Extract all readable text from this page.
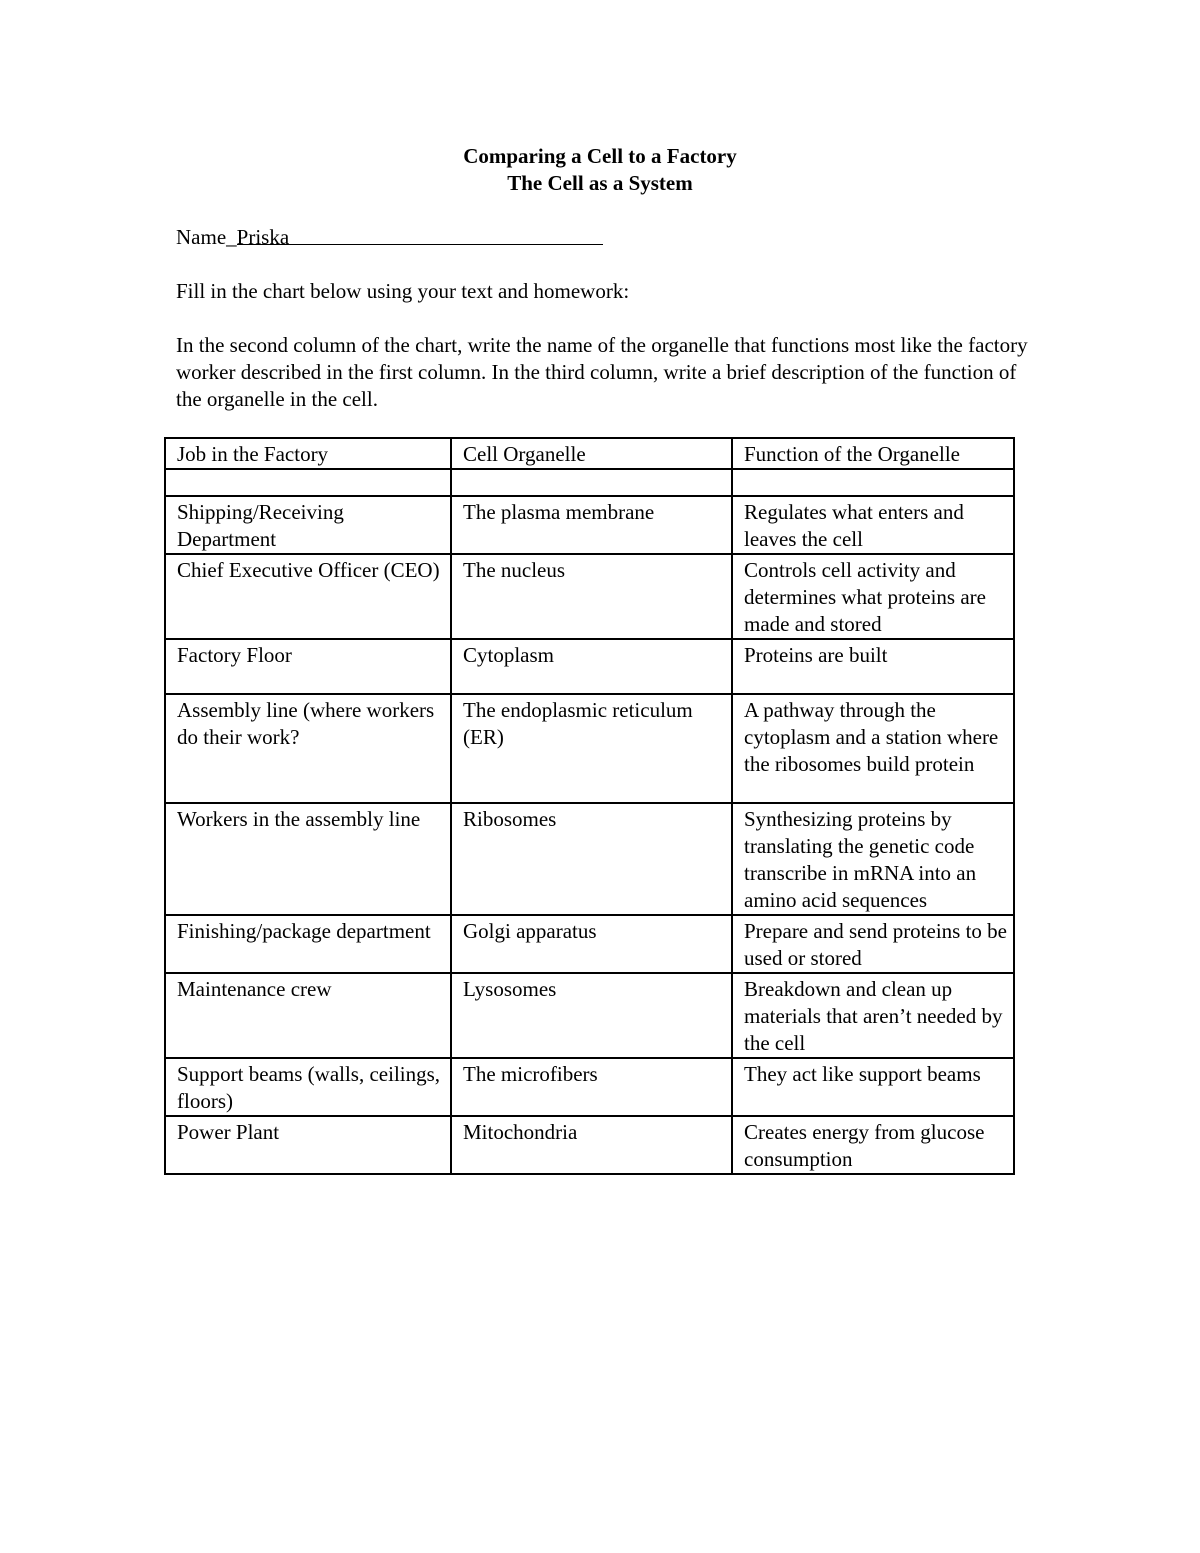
Comparing a Cell to a Factory
The Cell as a System
Name_Priska
Fill in the chart below using your text and homework:
In the second column of the chart, write the name of the organelle that functions most like the factory worker described in the first column. In the third column, write a brief description of the function of the organelle in the cell.
Job in the Factory	Cell Organelle	Function of the Organelle

Shipping/Receiving Department	The plasma membrane	Regulates what enters and leaves the cell
Chief Executive Officer (CEO)	The nucleus	Controls cell activity and determines what proteins are made and stored
Factory Floor	Cytoplasm	Proteins are built
Assembly line (where workers do their work?	The endoplasmic reticulum (ER)	A pathway through the cytoplasm and a station where the ribosomes build protein
Workers in the assembly line	Ribosomes	Synthesizing proteins by translating the genetic code transcribe in mRNA into an amino acid sequences
Finishing/package department	Golgi apparatus	Prepare and send proteins to be used or stored
Maintenance crew	Lysosomes	Breakdown and clean up materials that aren’t needed by the cell
Support beams (walls, ceilings, floors)	The microfibers	They act like support beams
Power Plant	Mitochondria	Creates energy from glucose consumption
